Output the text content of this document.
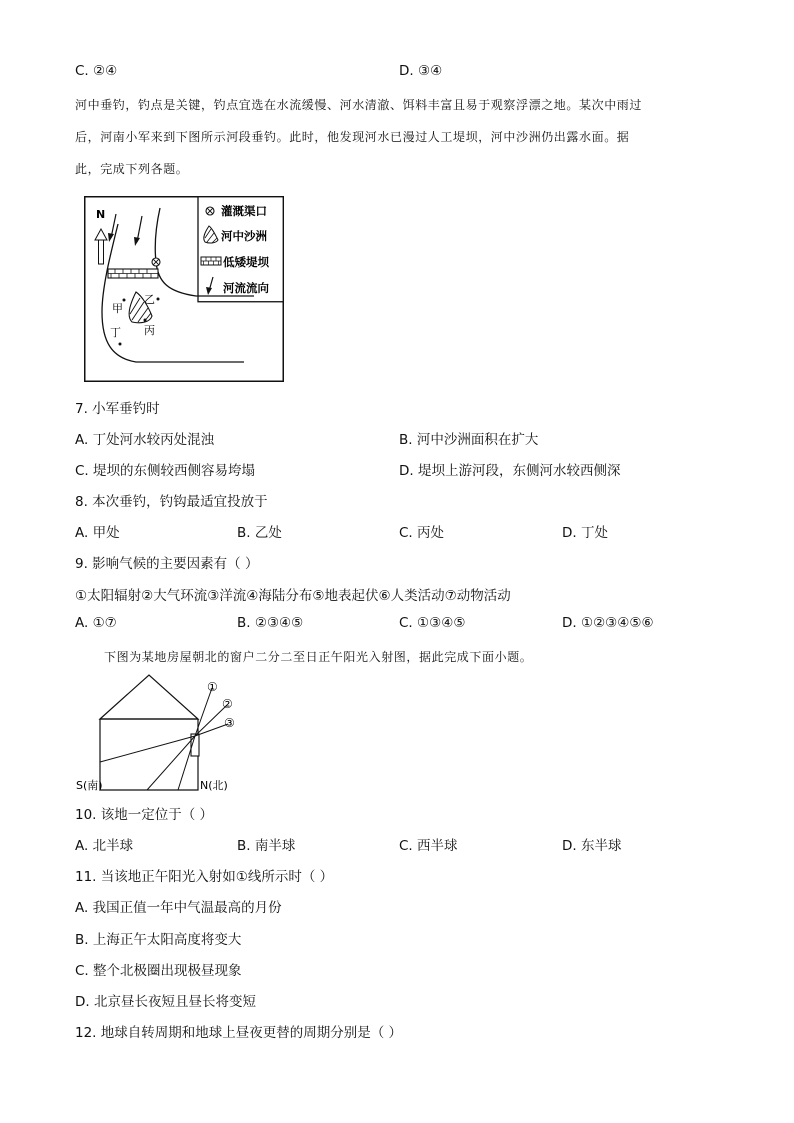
C. ②④	D. ③④
河中垂钓，钓点是关键，钓点宜选在水流缓慢、河水清澈、饵料丰富且易于观察浮漂之地。某次中雨过
后，河南小军来到下图所示河段垂钓。此时，他发现河水已漫过人工堤坝，河中沙洲仍出露水面。据
此，完成下列各题。
N
甲
乙
丙
丁
灌溉渠口
河中沙洲
低矮堤坝
河流流向
7. 小军垂钓时
A. 丁处河水较丙处混浊	B. 河中沙洲面积在扩大
C. 堤坝的东侧较西侧容易垮塌	D. 堤坝上游河段，东侧河水较西侧深
8. 本次垂钓，钓钩最适宜投放于
A. 甲处	B. 乙处	C. 丙处	D. 丁处
9. 影响气候的主要因素有（ ）
①太阳辐射②大气环流③洋流④海陆分布⑤地表起伏⑥人类活动⑦动物活动
A. ①⑦	B. ②③④⑤	C. ①③④⑤	D. ①②③④⑤⑥
下图为某地房屋朝北的窗户二分二至日正午阳光入射图，据此完成下面小题。
①
②
③
S(南)	N(北)
10. 该地一定位于（ ）
A. 北半球	B. 南半球	C. 西半球	D. 东半球
11. 当该地正午阳光入射如①线所示时（ ）
A. 我国正值一年中气温最高的月份
B. 上海正午太阳高度将变大
C. 整个北极圈出现极昼现象
D. 北京昼长夜短且昼长将变短
12. 地球自转周期和地球上昼夜更替的周期分别是（ ）
